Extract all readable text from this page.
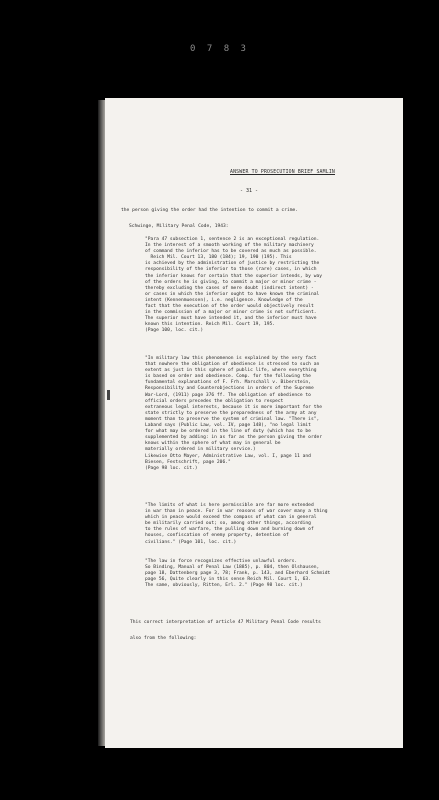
0 7 8 3
ANSWER TO PROSECUTION BRIEF SAMLIN
- 31 -
the person giving the order had the intention to commit a crime.
Schwinge, Military Penal Code, 1943:
"Para 47 subsection 1, sentence 2 is an exceptional regulation.
In the interest of a smooth working of the military machinery
of command the inferior has to be covered as much as possible.
Reich Mil. Court 13, 180 (184); 19, 190 (195). This
is achieved by the administration of justice by restricting the
responsibility of the inferior to those (rare) cases, in which
the inferior knows for certain that the superior intends, by way
of the orders he is giving, to commit a major or minor crime -
thereby excluding the cases of mere doubt (indirect intent) -
or cases in which the inferior ought to have known the criminal
intent (Kennenmuessen), i.e. negligence. Knowledge of the
fact that the execution of the order would objectively result
in the commission of a major or minor crime is not sufficient.
The superior must have intended it, and the inferior must have
known this intention. Reich Mil. Court 19, 195.
(Page 100, loc. cit.)
"In military law this phenomenon is explained by the very fact
that nowhere the obligation of obedience is stressed to such an
extent as just in this sphere of public life, where everything
is based on order and obedience. Comp. for the following the
fundamental explanations of F. Frh. Marschall v. Biberstein,
Responsibility and Counterobjections in orders of the Supreme
War-Lord, (1911) page 376 ff. The obligation of obedience to
official orders precedes the obligation to respect
extraneous legal interests, because it is more important for the
state strictly to preserve the preparedness of the army at any
moment than to preserve the system of criminal law. "There is",
Laband says (Public Law, vol. IV, page 148), "no legal limit
for what may be ordered in the line of duty (which has to be
supplemented by adding: in as far as the person giving the order
knows within the sphere of what may in general be
materially ordered in military service.)
Likewise Otto Mayer, Administrative Law, vol. I, page 11 and
Biesen, Festschrift, page 206."
(Page 98 loc. cit.)
"The limits of what is here permissible are far more extended
in war than in peace. For in war reasons of war cover many a thing
which in peace would exceed the compass of what can in general
be militarily carried out; so, among other things, according
to the rules of warfare, the pulling down and burning down of
houses, confiscation of enemy property, detention of
civilians." (Page 101, loc. cit.)
"The law in force recognizes effective unlawful orders.
So Binding, Manual of Penal Law (1885), p. 804, then Olshausen,
page 18, Dattenberg page 3, 78; Frank, p. 143, and Eberhard Schmidt
page 56, Quite clearly in this sense Reich Mil. Court 1, 63.
The same, obviously, Ritten, Erl. 2." (Page 98 loc. cit.)
This correct interpretation of article 47 Military Penal Code results
also from the following:
